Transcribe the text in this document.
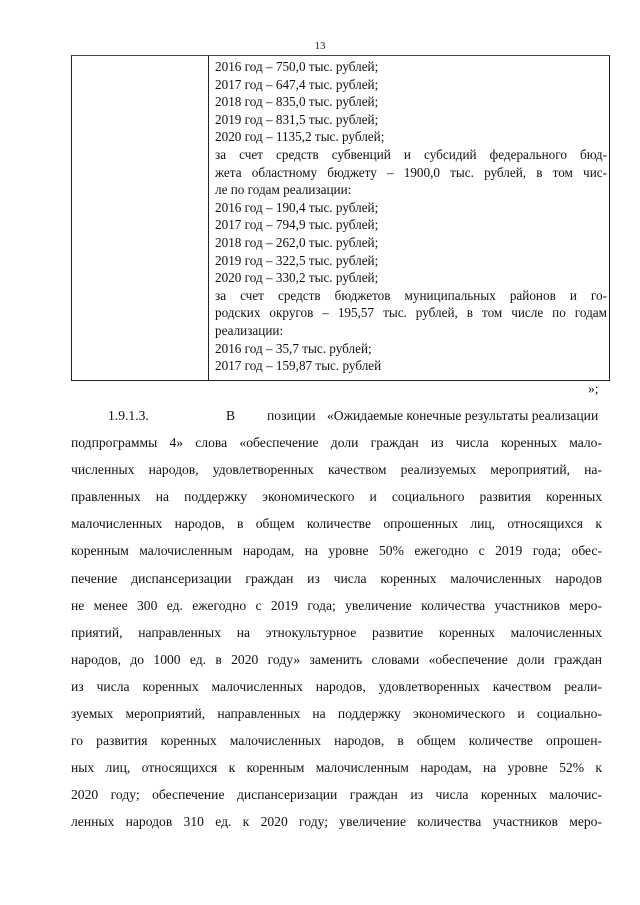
13
2016 год – 750,0 тыс. рублей;
2017 год – 647,4 тыс. рублей;
2018 год – 835,0 тыс. рублей;
2019 год – 831,5 тыс. рублей;
2020 год – 1135,2 тыс. рублей;
за счет средств субвенций и субсидий федерального бюд-
жета областному бюджету – 1900,0 тыс. рублей, в том чис-
ле по годам реализации:
2016 год – 190,4 тыс. рублей;
2017 год – 794,9 тыс. рублей;
2018 год – 262,0 тыс. рублей;
2019 год – 322,5 тыс. рублей;
2020 год – 330,2 тыс. рублей;
за счет средств бюджетов муниципальных районов и го-
родских округов – 195,57 тыс. рублей, в том числе по годам
реализации:
2016 год – 35,7 тыс. рублей;
2017 год – 159,87 тыс. рублей
»;
1.9.1.3.	В позиции «Ожидаемые конечные результаты реализации
подпрограммы 4» слова «обеспечение доли граждан из числа коренных мало-
численных народов, удовлетворенных качеством реализуемых мероприятий, на-
правленных на поддержку экономического и социального развития коренных
малочисленных народов, в общем количестве опрошенных лиц, относящихся к
коренным малочисленным народам, на уровне 50% ежегодно с 2019 года; обес-
печение диспансеризации граждан из числа коренных малочисленных народов
не менее 300 ед. ежегодно с 2019 года; увеличение количества участников меро-
приятий, направленных на этнокультурное развитие коренных малочисленных
народов, до 1000 ед. в 2020 году» заменить словами «обеспечение доли граждан
из числа коренных малочисленных народов, удовлетворенных качеством реали-
зуемых мероприятий, направленных на поддержку экономического и социально-
го развития коренных малочисленных народов, в общем количестве опрошен-
ных лиц, относящихся к коренным малочисленным народам, на уровне 52% к
2020 году; обеспечение диспансеризации граждан из числа коренных малочис-
ленных народов 310 ед. к 2020 году; увеличение количества участников меро-
